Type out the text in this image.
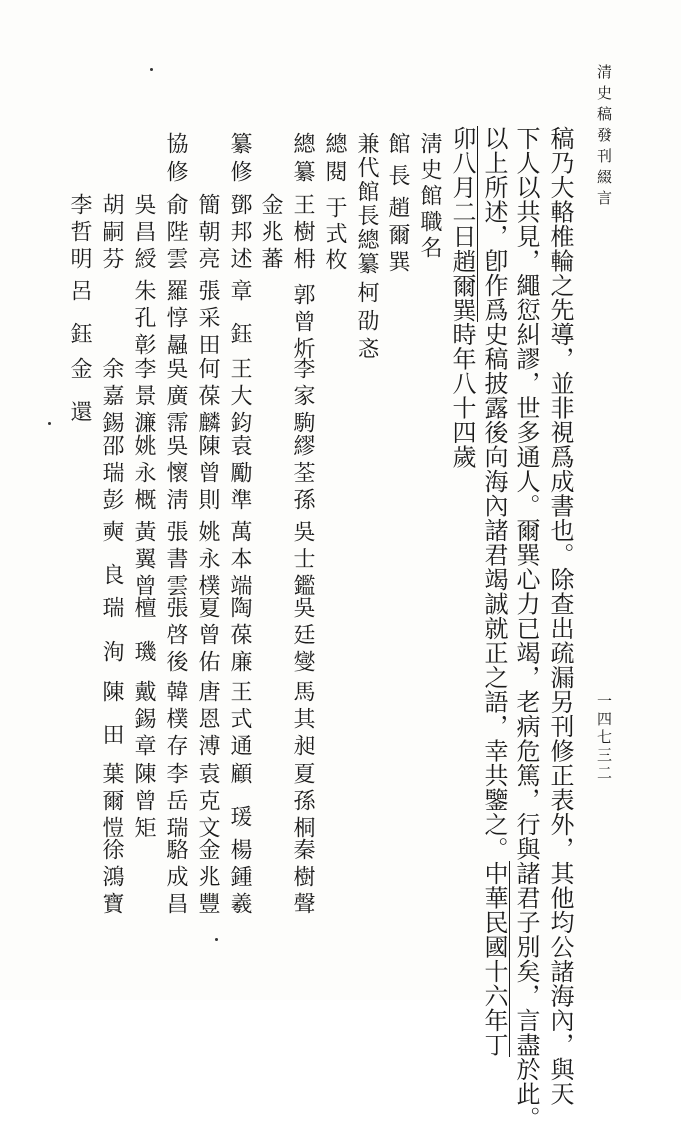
清史稿發刊綴言
一四七三二
稿乃大輅椎輪之先導，並非視爲成書也。除查出疏漏另刊修正表外，其他均公諸海內，與天
下人以共見，繩愆糾謬，世多通人。爾巽心力已竭，老病危篤，行與諸君子別矣，言盡於此。
以上所述，卽作爲史稿披露後向海內諸君竭誠就正之語，幸共鑒之。中華民國十六年丁
卯八月二日趙爾巽時年八十四歲
淸史館職名
館長
趙爾巽
兼代館長總纂
柯劭忞
總閱
于式枚
總纂
王樹枏
郭曾炘
李家駒
繆荃孫
吳士鑑
吳廷燮
馬其昶
夏孫桐
秦樹聲
金兆蕃
纂修
鄧邦述
章
鈺
王大鈞
袁勵準
萬本端
陶葆廉
王式通
顧
瑗
楊鍾羲
簡朝亮
張采田
何葆麟
陳曾則
姚永樸
夏曾佑
唐恩溥
袁克文
金兆豐
協修
俞陛雲
羅惇曧
吳廣霈
吳懷淸
張書雲
張啓後
韓樸存
李岳瑞
駱成昌
吳昌綬
朱孔彰
李景濂
姚永概
黃翼曾
檀
璣
戴錫章
陳曾矩
胡嗣芬
余嘉錫
邵瑞彭
奭
良
瑞
洵
陳
田
葉爾愷
徐鴻寶
李哲明
呂
鈺
金
還
